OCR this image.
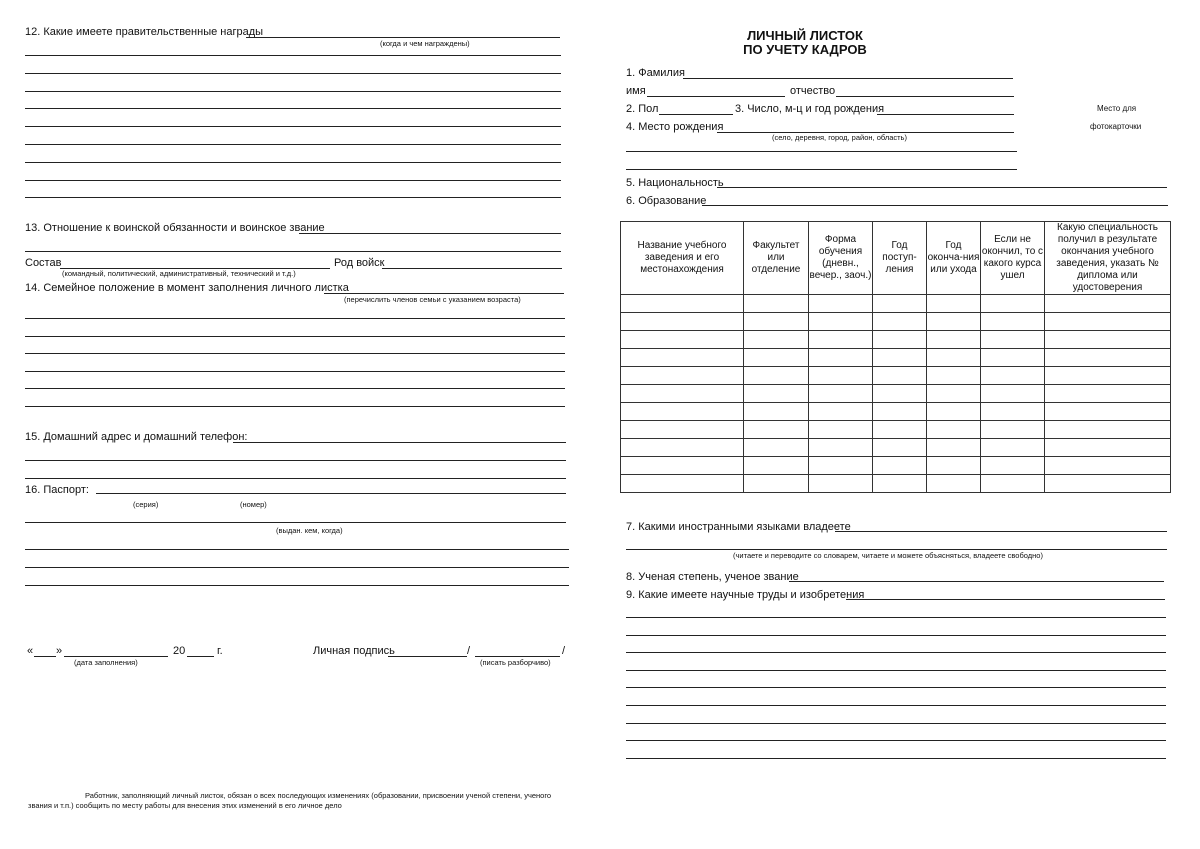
12. Какие имеете правительственные награды
(когда и чем награждены)
13. Отношение к воинской обязанности и воинское звание
Состав
(командный, политический, административный, технический и т.д.)
Род войск
14. Семейное положение в момент заполнения личного листка
(перечислить членов семьи с указанием возраста)
15. Домашний адрес и домашний телефон:
16. Паспорт:
(серия)	(номер)
(выдан. кем, когда)
« »	20	г.
(дата заполнения)
Личная подпись	/	/
(писать разборчиво)
Работник, заполняющий личный листок, обязан о всех последующих изменениях (образовании, присвоении ученой степени, ученого
звания и т.п.) сообщить по месту работы для внесения этих изменений в его личное дело
ЛИЧНЫЙ ЛИСТОК
ПО УЧЕТУ КАДРОВ
Место для
фотокарточки
1. Фамилия
имя	отчество
2. Пол	3. Число, м-ц и год рождения
4. Место рождения
(село, деревня, город, район, область)
5. Национальность
6. Образование
Название учебного заведения и его местонахождения	Факультет или отделение	Форма обучения (дневн., вечер., заоч.)	Год поступ-ления	Год оконча-ния или ухода	Если не окончил, то с какого курса ушел	Какую специальность получил в результате окончания учебного заведения, указать № диплома или удостоверения

7. Какими иностранными языками владеете
(читаете и переводите со словарем, читаете и можете объясняться, владеете свободно)
8. Ученая степень, ученое звание
9. Какие имеете научные труды и изобретения
